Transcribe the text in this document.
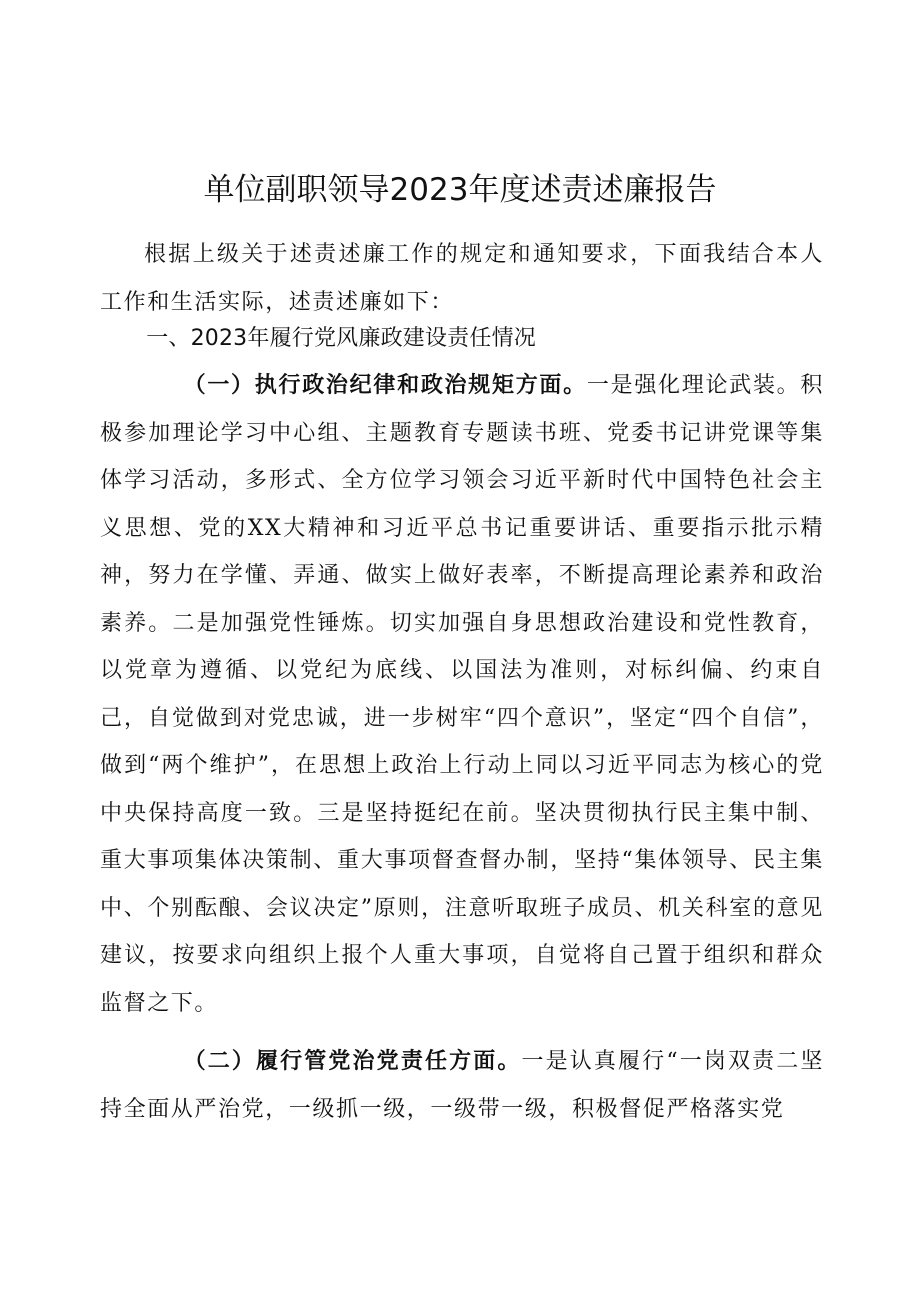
单位副职领导2023年度述责述廉报告

根据上级关于述责述廉工作的规定和通知要求，下面我结合本人工作和生活实际，述责述廉如下：

一、2023年履行党风廉政建设责任情况

（一）执行政治纪律和政治规矩方面。一是强化理论武装。积极参加理论学习中心组、主题教育专题读书班、党委书记讲党课等集体学习活动，多形式、全方位学习领会习近平新时代中国特色社会主义思想、党的XX大精神和习近平总书记重要讲话、重要指示批示精神，努力在学懂、弄通、做实上做好表率，不断提高理论素养和政治素养。二是加强党性锤炼。切实加强自身思想政治建设和党性教育，以党章为遵循、以党纪为底线、以国法为准则，对标纠偏、约束自己，自觉做到对党忠诚，进一步树牢“四个意识”，坚定“四个自信”，做到“两个维护”，在思想上政治上行动上同以习近平同志为核心的党中央保持高度一致。三是坚持挺纪在前。坚决贯彻执行民主集中制、重大事项集体决策制、重大事项督查督办制，坚持“集体领导、民主集中、个别酝酿、会议决定”原则，注意听取班子成员、机关科室的意见建议，按要求向组织上报个人重大事项，自觉将自己置于组织和群众监督之下。

（二）履行管党治党责任方面。一是认真履行“一岗双责二坚持全面从严治党，一级抓一级，一级带一级，积极督促严格落实党
